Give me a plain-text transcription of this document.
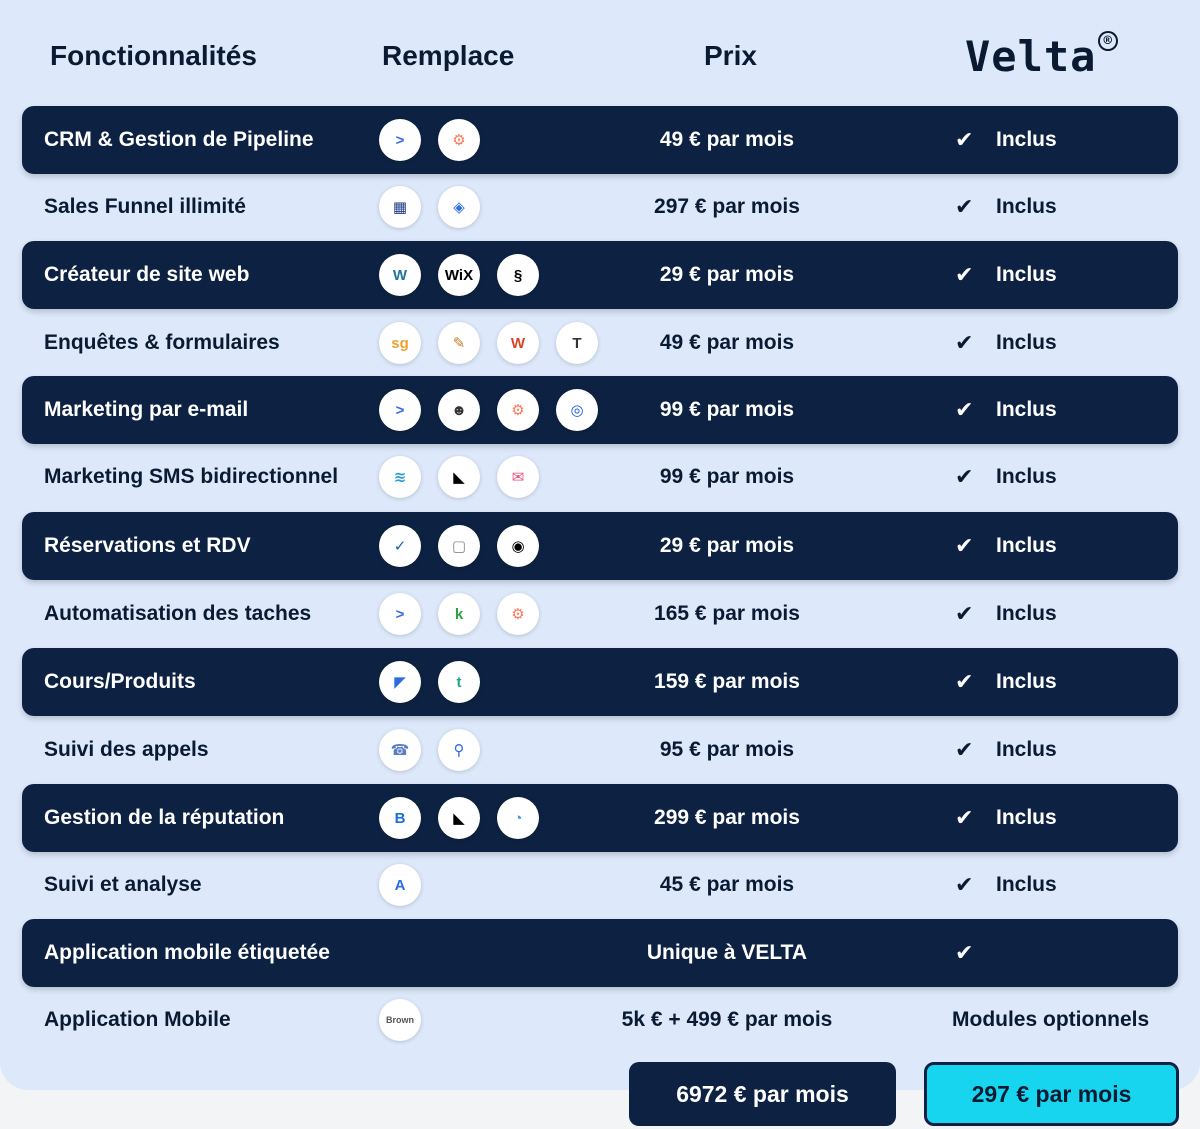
Fonctionnalités	Remplace	Prix	Velta ®
CRM & Gestion de Pipeline	>	⚙	49 € par mois	✔ Inclus
Sales Funnel illimité	▦	◈	297 € par mois	✔ Inclus
Créateur de site web	W	WiX	§	29 € par mois	✔ Inclus
Enquêtes & formulaires	sg	✎	W	T	49 € par mois	✔ Inclus
Marketing par e-mail	>	☻	⚙	◎	99 € par mois	✔ Inclus
Marketing SMS bidirectionnel	≋	◣	✉	99 € par mois	✔ Inclus
Réservations et RDV	✓	▢	◉	29 € par mois	✔ Inclus
Automatisation des taches	>	k	⚙	165 € par mois	✔ Inclus
Cours/Produits	◤	t	159 € par mois	✔ Inclus
Suivi des appels	☎	⚲	95 € par mois	✔ Inclus
Gestion de la réputation	B	◣	◔	299 € par mois	✔ Inclus
Suivi et analyse	A	45 € par mois	✔ Inclus
Application mobile étiquetée	Unique à VELTA	✔
Application Mobile	Brown	5k € + 499 € par mois	Modules optionnels
6972 € par mois	297 € par mois
